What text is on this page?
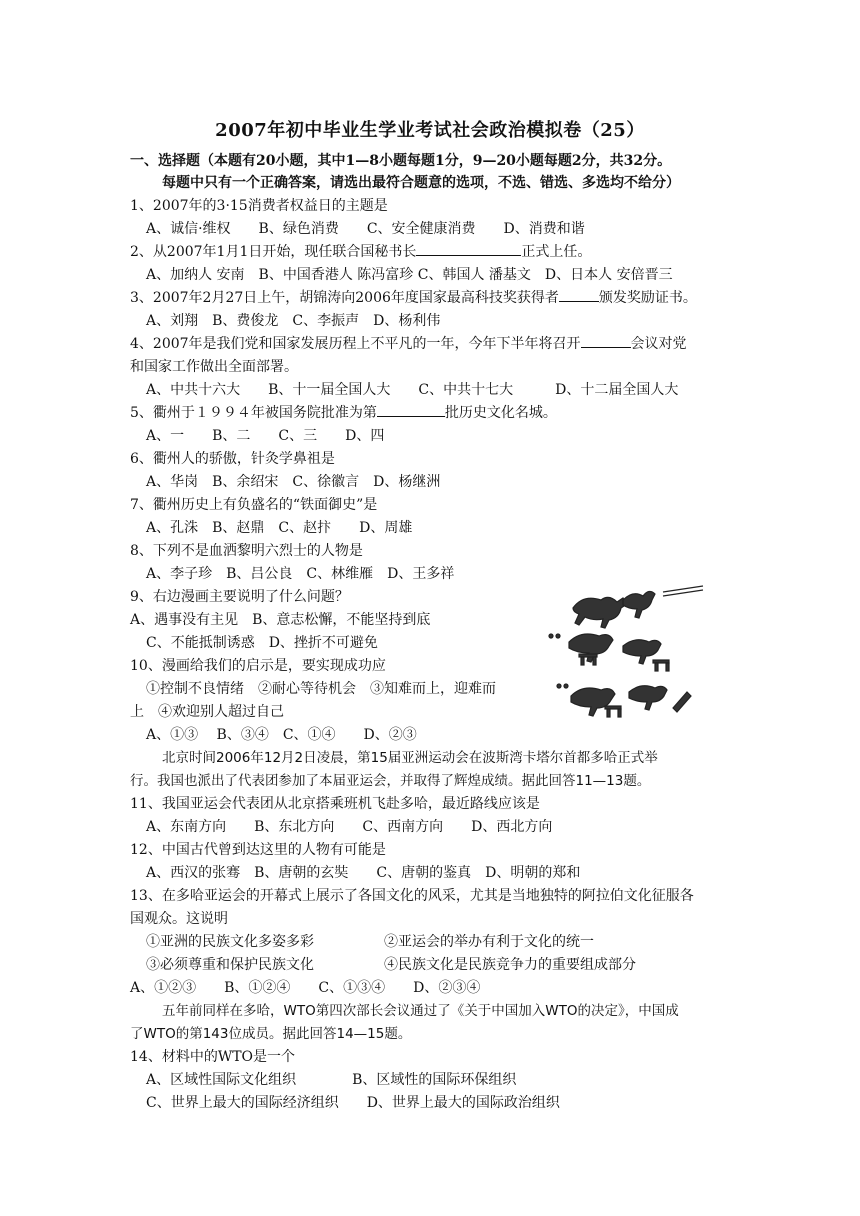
2007年初中毕业生学业考试社会政治模拟卷（25）
一、选择题（本题有20小题，其中1—8小题每题1分，9—20小题每题2分，共32分。
每题中只有一个正确答案，请选出最符合题意的选项，不选、错选、多选均不给分）
1、2007年的3·15消费者权益日的主题是
A、诚信·维权　　B、绿色消费　　C、安全健康消费　　D、消费和谐
2、从2007年1月1日开始，现任联合国秘书长	正式上任。
A、加纳人 安南　B、中国香港人 陈冯富珍 C、韩国人 潘基文　D、日本人 安倍晋三
3、2007年2月27日上午，胡锦涛向2006年度国家最高科技奖获得者	颁发奖励证书。
A、刘翔　B、费俊龙　C、李振声　D、杨利伟
4、2007年是我们党和国家发展历程上不平凡的一年，今年下半年将召开	会议对党
和国家工作做出全面部署。
A、中共十六大　　B、十一届全国人大　　C、中共十七大　　　D、十二届全国人大
5、衢州于１９９４年被国务院批准为第	批历史文化名城。
A、一　　B、二　　C、三　　D、四
6、衢州人的骄傲，针灸学鼻祖是
A、华岗　B、余绍宋　C、徐徽言　D、杨继洲
7、衢州历史上有负盛名的“铁面御史”是
A、孔洙　B、赵鼎　C、赵抃　　D、周雄
8、下列不是血洒黎明六烈士的人物是
A、李子珍　B、吕公良　C、林维雁　D、王多祥
9、右边漫画主要说明了什么问题？
A、遇事没有主见　B、意志松懈，不能坚持到底
C、不能抵制诱惑　D、挫折不可避免
10、漫画给我们的启示是，要实现成功应
①控制不良情绪　②耐心等待机会　③知难而上，迎难而
上　④欢迎别人超过自己
A、①③　 B、③④　C、①④　　D、②③
北京时间2006年12月2日凌晨，第15届亚洲运动会在波斯湾卡塔尔首都多哈正式举
行。我国也派出了代表团参加了本届亚运会，并取得了辉煌成绩。据此回答11—13题。
11、我国亚运会代表团从北京搭乘班机飞赴多哈，最近路线应该是
A、东南方向　　B、东北方向　　C、西南方向　　D、西北方向
12、中国古代曾到达这里的人物有可能是
A、西汉的张骞　B、唐朝的玄奘　　C、唐朝的鉴真　D、明朝的郑和
13、在多哈亚运会的开幕式上展示了各国文化的风采，尤其是当地独特的阿拉伯文化征服各
国观众。这说明
①亚洲的民族文化多姿多彩　　　　　②亚运会的举办有利于文化的统一
③必须尊重和保护民族文化　　　　　④民族文化是民族竞争力的重要组成部分
A、①②③　　B、①②④　　C、①③④　　D、②③④
五年前同样在多哈，WTO第四次部长会议通过了《关于中国加入WTO的决定》，中国成
了WTO的第143位成员。据此回答14—15题。
14、材料中的WTO是一个
A、区域性国际文化组织　　　　B、区域性的国际环保组织
C、世界上最大的国际经济组织　　D、世界上最大的国际政治组织
